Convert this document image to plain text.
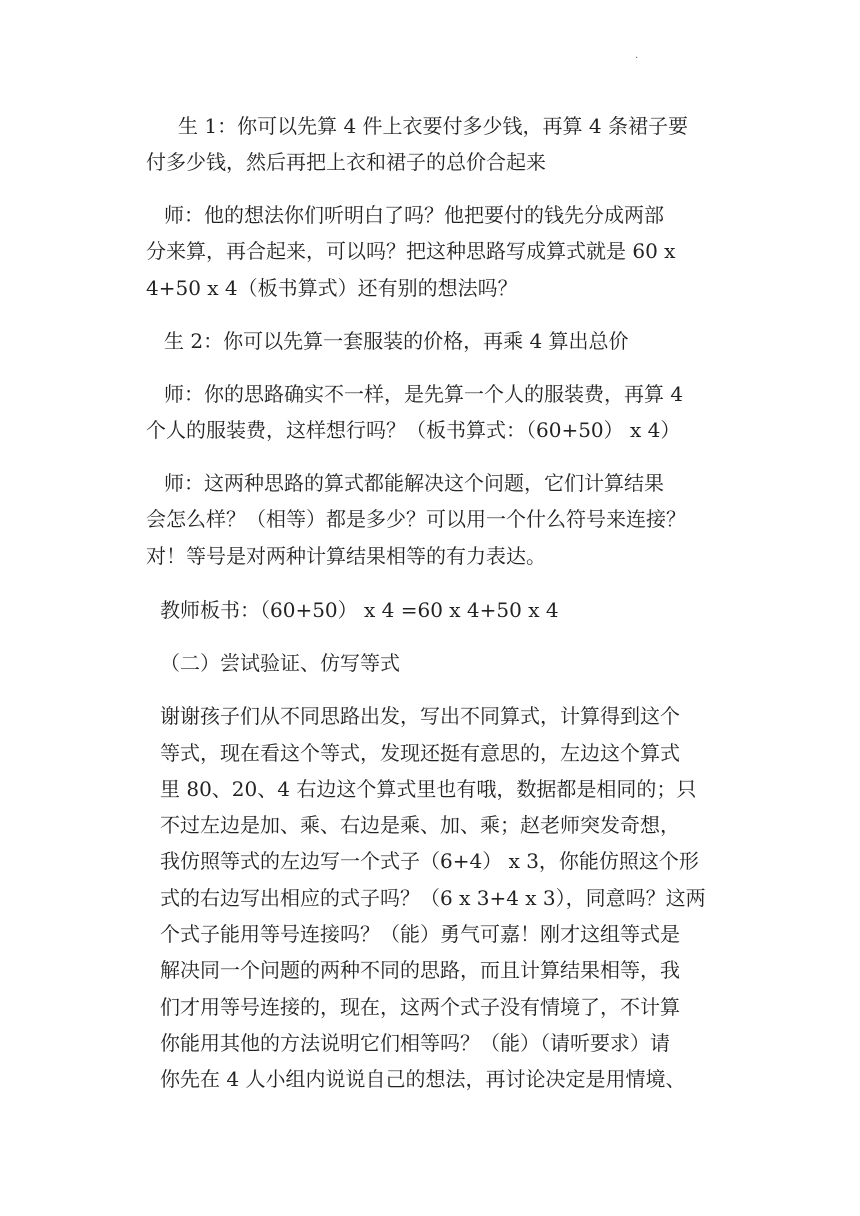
·
生 1：你可以先算 4 件上衣要付多少钱，再算 4 条裙子要
付多少钱，然后再把上衣和裙子的总价合起来
师：他的想法你们听明白了吗？他把要付的钱先分成两部
分来算，再合起来，可以吗？把这种思路写成算式就是 60 x
4+50 x 4（板书算式）还有别的想法吗？
生 2：你可以先算一套服装的价格，再乘 4 算出总价
师：你的思路确实不一样，是先算一个人的服装费，再算 4
个人的服装费，这样想行吗？（板书算式：（60+50） x 4）
师：这两种思路的算式都能解决这个问题，它们计算结果
会怎么样？（相等）都是多少？可以用一个什么符号来连接？
对！等号是对两种计算结果相等的有力表达。
教师板书：（60+50） x 4 =60 x 4+50 x 4
（二）尝试验证、仿写等式
谢谢孩子们从不同思路出发，写出不同算式，计算得到这个
等式，现在看这个等式，发现还挺有意思的，左边这个算式
里 80、20、4 右边这个算式里也有哦，数据都是相同的；只
不过左边是加、乘、右边是乘、加、乘；赵老师突发奇想，
我仿照等式的左边写一个式子（6+4） x 3，你能仿照这个形
式的右边写出相应的式子吗？（6 x 3+4 x 3），同意吗？这两
个式子能用等号连接吗？（能）勇气可嘉！刚才这组等式是
解决同一个问题的两种不同的思路，而且计算结果相等，我
们才用等号连接的，现在，这两个式子没有情境了，不计算
你能用其他的方法说明它们相等吗？（能）（请听要求）请
你先在 4 人小组内说说自己的想法，再讨论决定是用情境、
